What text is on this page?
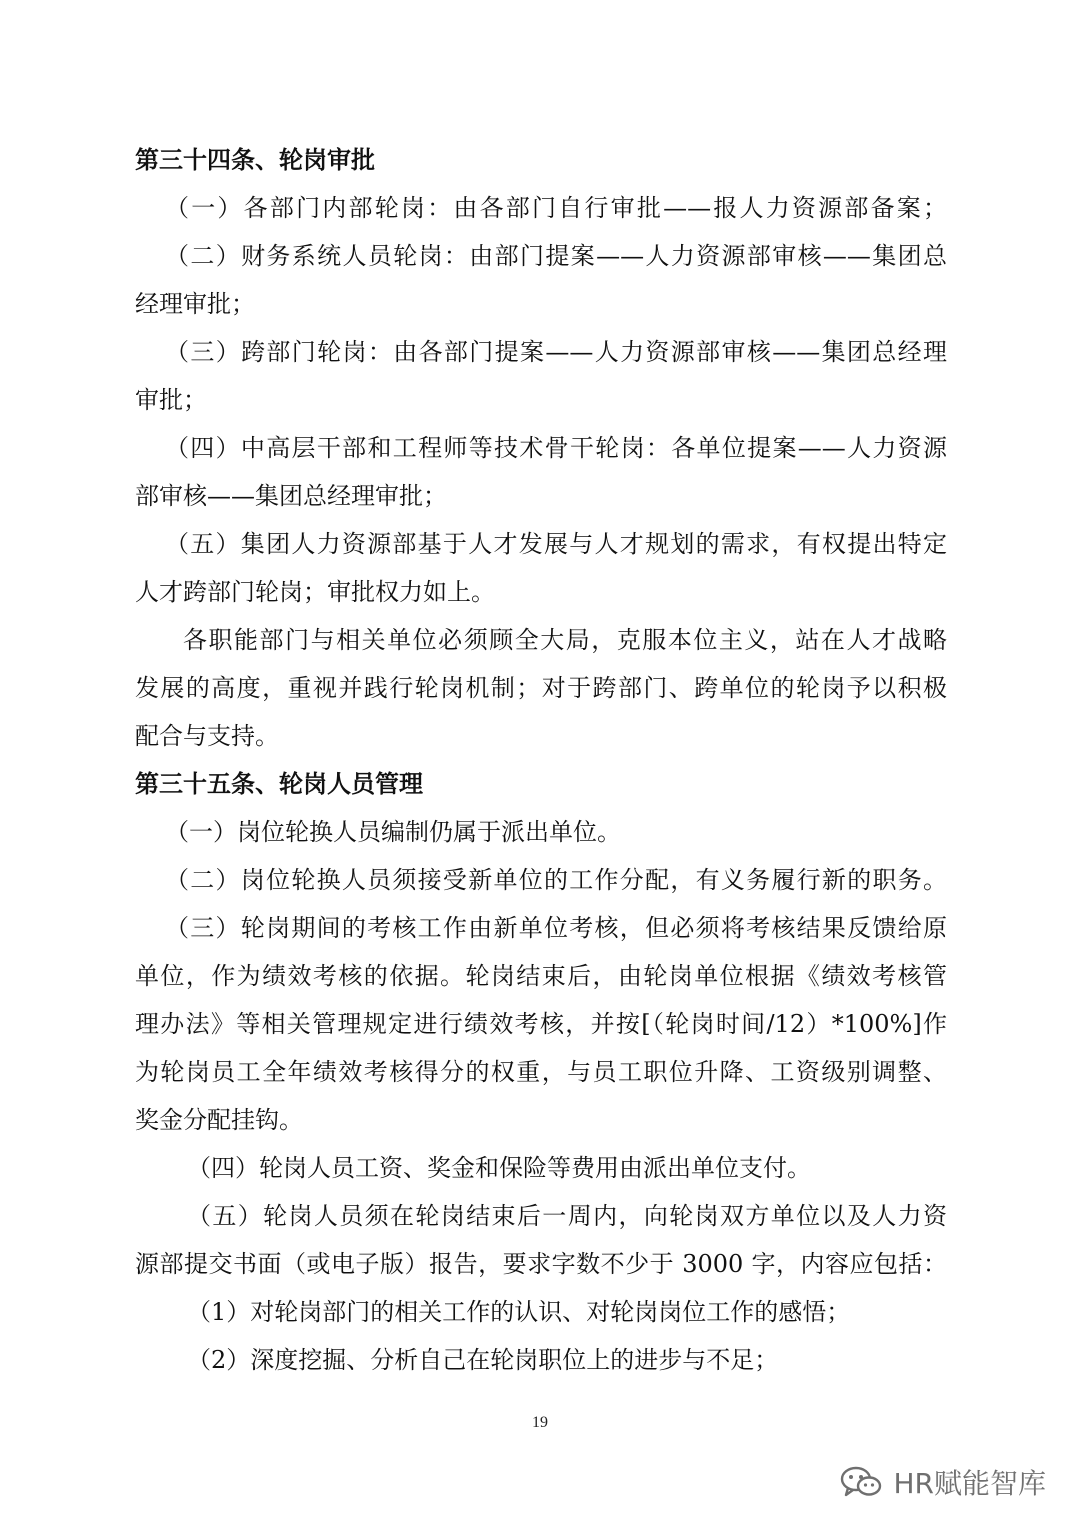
第三十四条、轮岗审批
（一）各部门内部轮岗：由各部门自行审批——报人力资源部备案；
（二）财务系统人员轮岗：由部门提案——人力资源部审核——集团总
经理审批；
（三）跨部门轮岗：由各部门提案——人力资源部审核——集团总经理
审批；
（四）中高层干部和工程师等技术骨干轮岗：各单位提案——人力资源
部审核——集团总经理审批；
（五）集团人力资源部基于人才发展与人才规划的需求，有权提出特定
人才跨部门轮岗；审批权力如上。
各职能部门与相关单位必须顾全大局，克服本位主义，站在人才战略
发展的高度，重视并践行轮岗机制；对于跨部门、跨单位的轮岗予以积极
配合与支持。
第三十五条、轮岗人员管理
（一）岗位轮换人员编制仍属于派出单位。
（二）岗位轮换人员须接受新单位的工作分配，有义务履行新的职务。
（三）轮岗期间的考核工作由新单位考核，但必须将考核结果反馈给原
单位，作为绩效考核的依据。轮岗结束后，由轮岗单位根据《绩效考核管
理办法》等相关管理规定进行绩效考核，并按[（轮岗时间/12）*100%]作
为轮岗员工全年绩效考核得分的权重，与员工职位升降、工资级别调整、
奖金分配挂钩。
（四）轮岗人员工资、奖金和保险等费用由派出单位支付。
（五）轮岗人员须在轮岗结束后一周内，向轮岗双方单位以及人力资
源部提交书面（或电子版）报告，要求字数不少于 3000 字，内容应包括：
（1）对轮岗部门的相关工作的认识、对轮岗岗位工作的感悟；
（2）深度挖掘、分析自己在轮岗职位上的进步与不足；
19
HR赋能智库
